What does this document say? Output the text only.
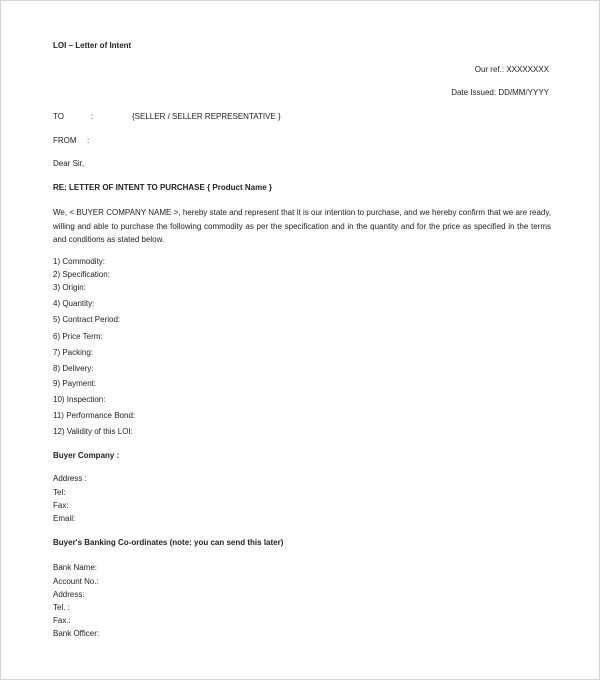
LOI – Letter of Intent
Our ref.: XXXXXXXX
Date Issued: DD/MM/YYYY
TO	:	{SELLER / SELLER REPRESENTATIVE }
FROM :
Dear Sir,
RE: LETTER OF INTENT TO PURCHASE { Product Name }
We, < BUYER COMPANY NAME >, hereby state and represent that it is our intention to purchase, and we hereby confirm that we are ready, willing and able to purchase the following commodity as per the specification and in the quantity and for the price as specified in the terms and conditions as stated below.
1) Commodity:
2) Specification:
3) Origin:
4) Quantity:
5) Contract Period:
6) Price Term:
7) Packing:
8) Delivery:
9) Payment:
10) Inspection:
11) Performance Bond:
12) Validity of this LOI:
Buyer Company :
Address :
Tel:
Fax:
Email:
Buyer's Banking Co-ordinates (note: you can send this later)
Bank Name:
Account No.:
Address:
Tel. :
Fax.:
Bank Officer:
